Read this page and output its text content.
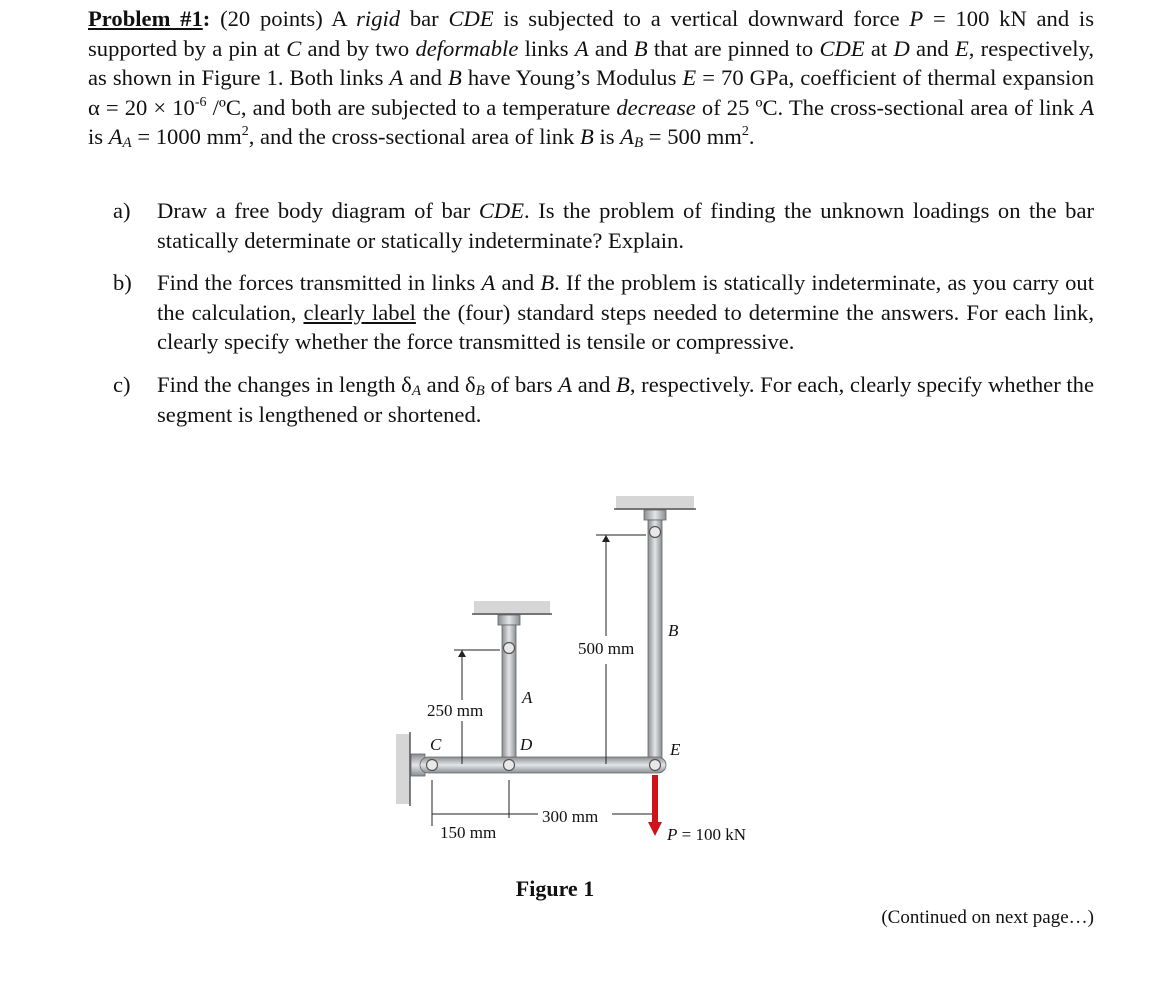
Problem #1: (20 points) A rigid bar CDE is subjected to a vertical downward force P = 100 kN and is supported by a pin at C and by two deformable links A and B that are pinned to CDE at D and E, respectively, as shown in Figure 1. Both links A and B have Young’s Modulus E = 70 GPa, coefficient of thermal expansion $\alpha = 20 \times 10^{-6}$ /ºC, and both are subjected to a temperature decrease of 25 ºC. The cross-sectional area of link A is $A_A = 1000$ $mm^2$, and the cross-sectional area of link B is $A_B = 500$ $mm^2$.

a) Draw a free body diagram of bar CDE. Is the problem of finding the unknown loadings on the bar statically determinate or statically indeterminate? Explain.
b) Find the forces transmitted in links A and B. If the problem is statically indeterminate, as you carry out the calculation, clearly label the (four) standard steps needed to determine the answers. For each link, clearly specify whether the force transmitted is tensile or compressive.
c) Find the changes in length $\delta_A$ and $\delta_B$ of bars A and B, respectively. For each, clearly specify whether the segment is lengthened or shortened.
500 mm
250 mm
150 mm
300 mm
A
B
C	D	E
P = 100 kN
Figure 1
(Continued on next page…)
